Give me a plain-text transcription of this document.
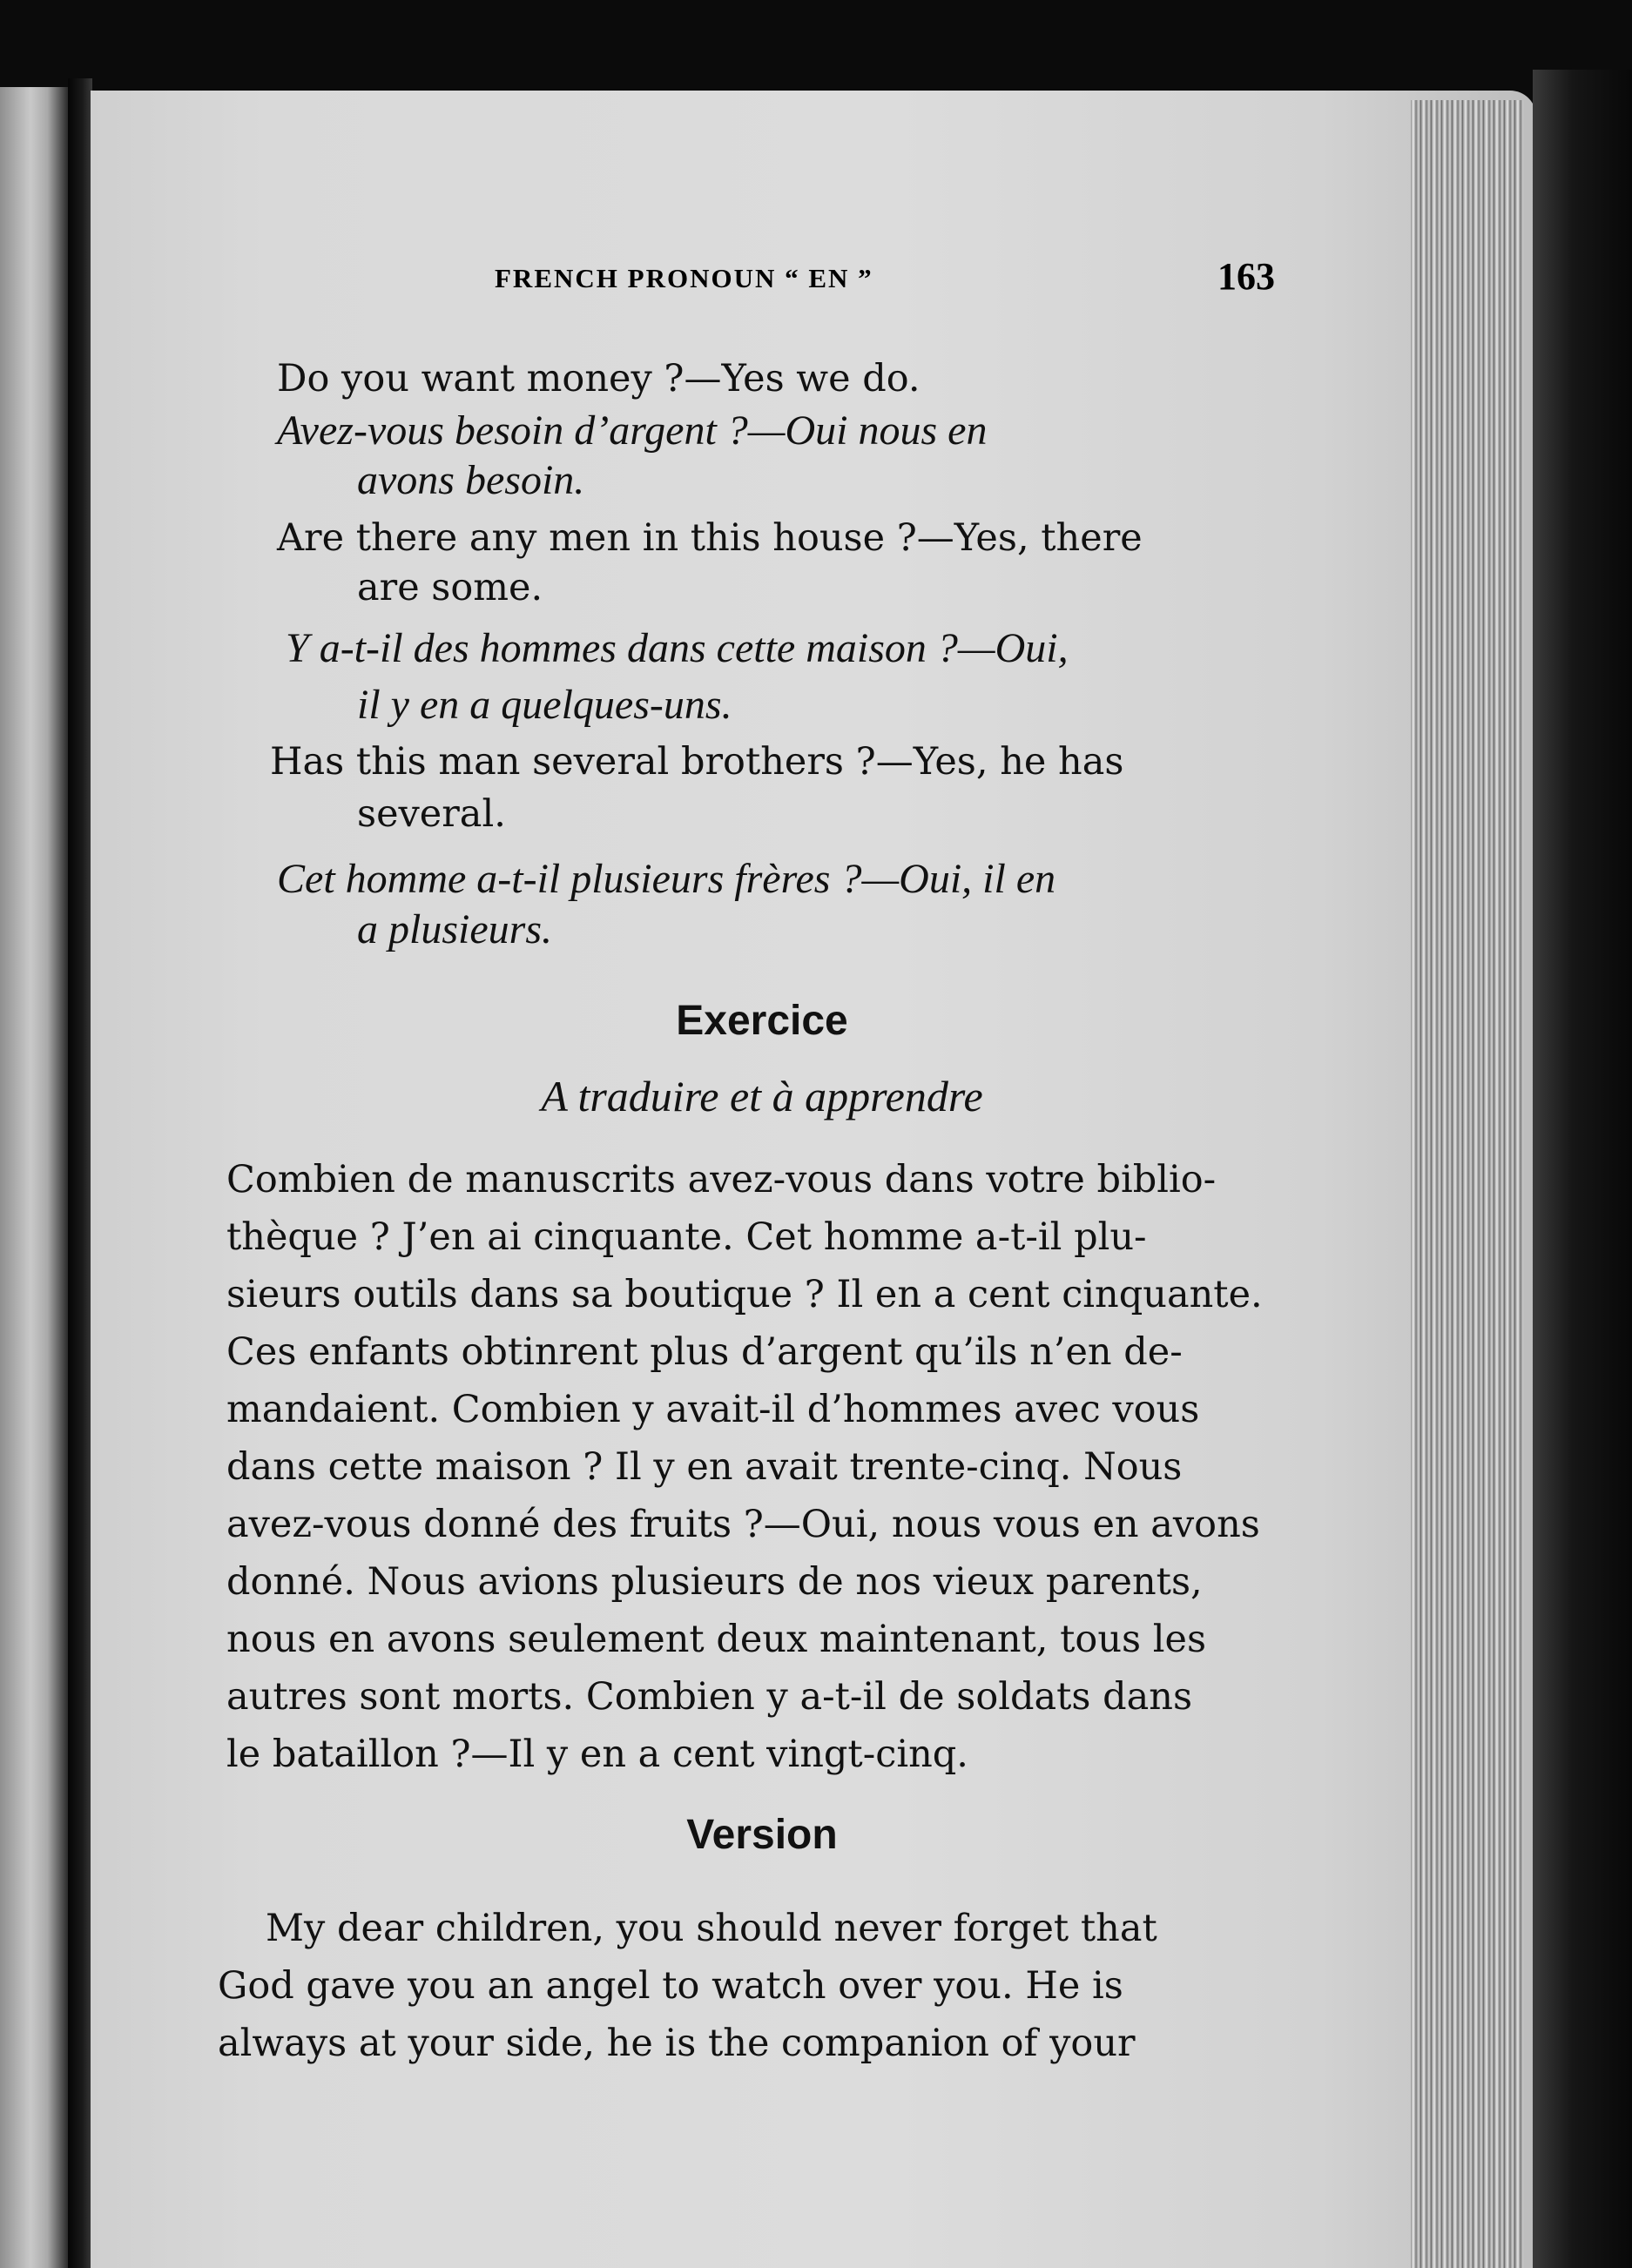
FRENCH PRONOUN “ EN ”	163
Do you want money ?—Yes we do.
Avez-vous besoin d’argent ?—Oui nous en
avons besoin.
Are there any men in this house ?—Yes, there
are some.
Y a-t-il des hommes dans cette maison ?—Oui,
il y en a quelques-uns.
Has this man several brothers ?—Yes, he has
several.
Cet homme a-t-il plusieurs frères ?—Oui, il en
a plusieurs.
Exercice
A traduire et à apprendre
Combien de manuscrits avez-vous dans votre biblio-
thèque ? J’en ai cinquante. Cet homme a-t-il plu-
sieurs outils dans sa boutique ? Il en a cent cinquante.
Ces enfants obtinrent plus d’argent qu’ils n’en de-
mandaient. Combien y avait-il d’hommes avec vous
dans cette maison ? Il y en avait trente-cinq. Nous
avez-vous donné des fruits ?—Oui, nous vous en avons
donné. Nous avions plusieurs de nos vieux parents,
nous en avons seulement deux maintenant, tous les
autres sont morts. Combien y a-t-il de soldats dans
le bataillon ?—Il y en a cent vingt-cinq.
Version
My dear children, you should never forget that
God gave you an angel to watch over you. He is
always at your side, he is the companion of your
